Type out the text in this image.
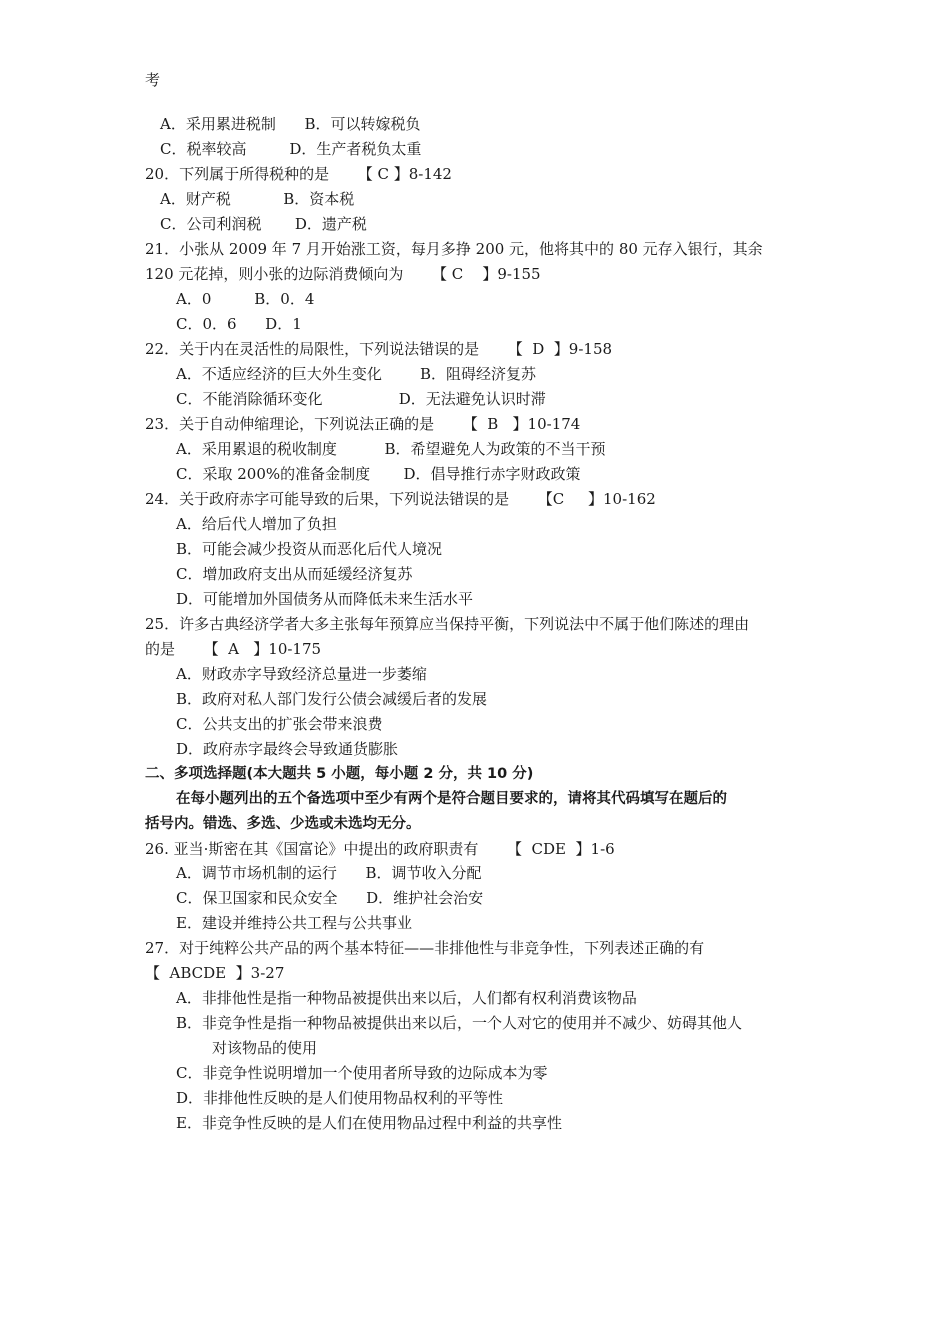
考

A．采用累进税制      B．可以转嫁税负

C．税率较高         D．生产者税负太重

20．下列属于所得税种的是      【 C 】8-142

A．财产税           B．资本税

C．公司利润税       D．遗产税

21．小张从 2009 年 7 月开始涨工资，每月多挣 200 元，他将其中的 80 元存入银行，其余

120 元花掉，则小张的边际消费倾向为      【 C    】9-155

A．0         B．0．4

C．0．6      D．1

22．关于内在灵活性的局限性，下列说法错误的是      【  D  】9-158

A．不适应经济的巨大外生变化        B．阻碍经济复苏

C．不能消除循环变化                D．无法避免认识时滞

23．关于自动伸缩理论，下列说法正确的是      【  B   】10-174

A．采用累退的税收制度          B．希望避免人为政策的不当干预

C．采取 200%的准备金制度       D．倡导推行赤字财政政策

24．关于政府赤字可能导致的后果，下列说法错误的是      【C     】10-162

A．给后代人增加了负担

B．可能会减少投资从而恶化后代人境况

C．增加政府支出从而延缓经济复苏

D．可能增加外国债务从而降低未来生活水平

25．许多古典经济学者大多主张每年预算应当保持平衡，下列说法中不属于他们陈述的理由

的是      【  A   】10-175

A．财政赤字导致经济总量进一步萎缩

B．政府对私人部门发行公债会减缓后者的发展

C．公共支出的扩张会带来浪费

D．政府赤字最终会导致通货膨胀

二、多项选择题(本大题共 5 小题，每小题 2 分，共 10 分)

在每小题列出的五个备选项中至少有两个是符合题目要求的，请将其代码填写在题后的

括号内。错选、多选、少选或未选均无分。

26. 亚当·斯密在其《国富论》中提出的政府职责有      【  CDE  】1-6

A．调节市场机制的运行      B．调节收入分配

C．保卫国家和民众安全      D．维护社会治安

E．建设并维持公共工程与公共事业

27．对于纯粹公共产品的两个基本特征——非排他性与非竞争性，下列表述正确的有

【  ABCDE  】3-27

A．非排他性是指一种物品被提供出来以后，人们都有权利消费该物品

B．非竞争性是指一种物品被提供出来以后，一个人对它的使用并不减少、妨碍其他人

对该物品的使用

C．非竞争性说明增加一个使用者所导致的边际成本为零

D．非排他性反映的是人们使用物品权利的平等性

E．非竞争性反映的是人们在使用物品过程中利益的共享性
